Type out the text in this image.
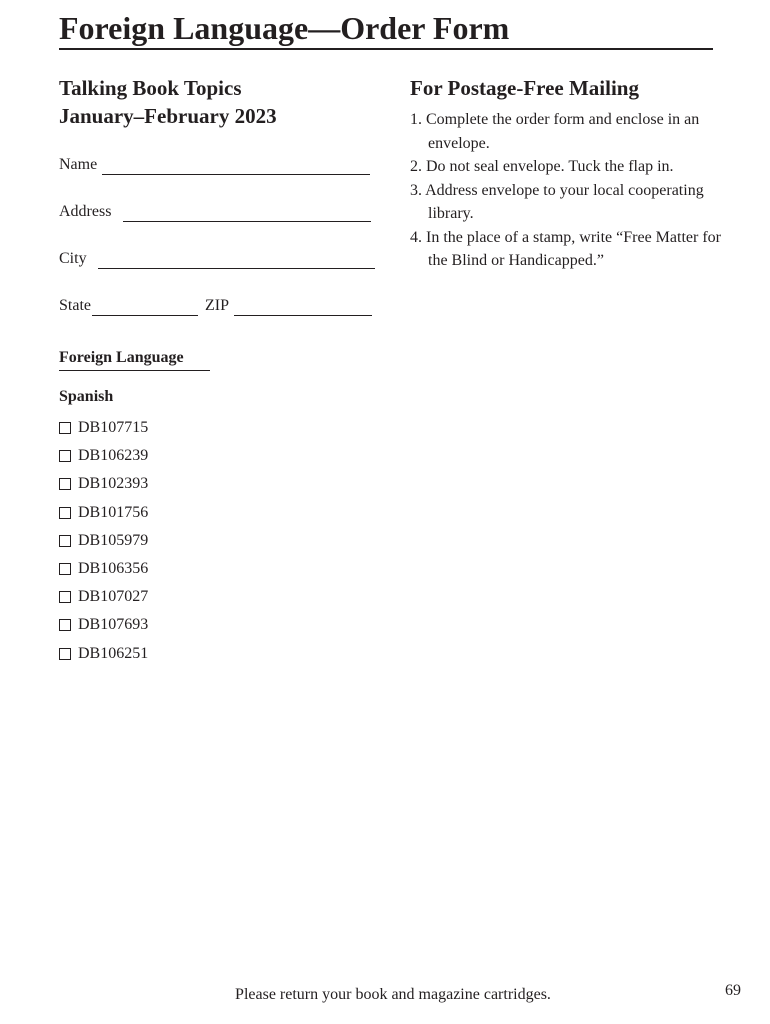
Foreign Language—Order Form

Talking Book Topics

January–February 2023

Name
Address
City
State	ZIP

For Postage-Free Mailing

1. Complete the order form and enclose in an envelope.
2. Do not seal envelope. Tuck the flap in.
3. Address envelope to your local cooperating library.
4. In the place of a stamp, write “Free Matter for the Blind or Handicapped.”
Foreign Language
Spanish
DB107715
DB106239
DB102393
DB101756
DB105979
DB106356
DB107027
DB107693
DB106251
Please return your book and magazine cartridges.	69
